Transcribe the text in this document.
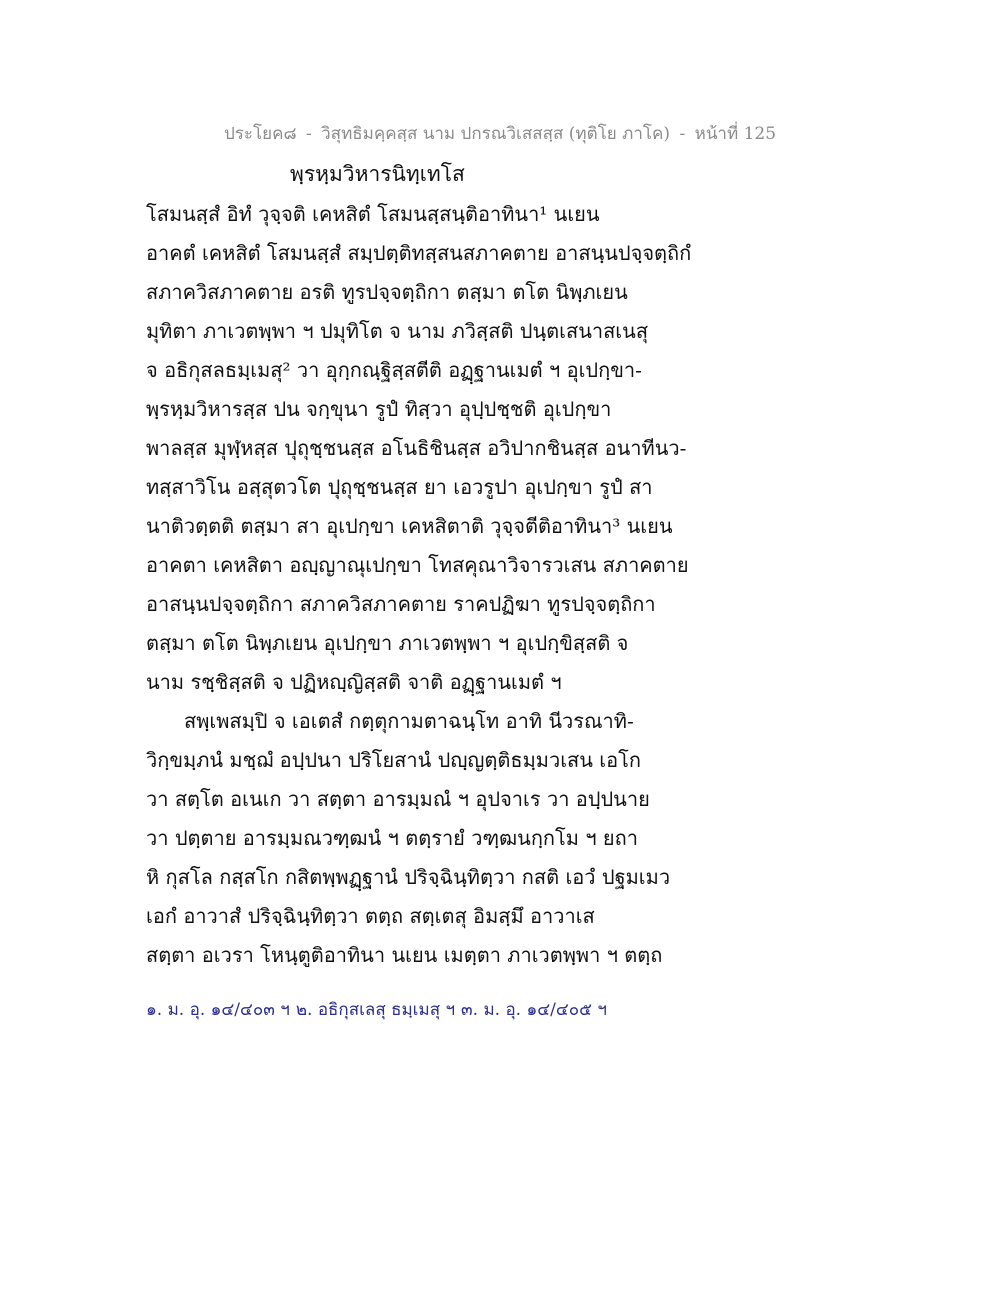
ประโยค๘ - วิสุทธิมคฺคสฺส นาม ปกรณวิเสสสฺส (ทุติโย ภาโค) - หน้าที่ 125
พฺรหฺมวิหารนิทฺเทโส
โสมนสฺสํ อิทํ วุจฺจติ เคหสิตํ โสมนสฺสนฺติอาทินา¹ นเยน
อาคตํ เคหสิตํ โสมนสฺสํ สมฺปตฺติทสฺสนสภาคตาย อาสนฺนปจฺจตฺถิกํ
สภาควิสภาคตาย อรติ ทูรปจฺจตฺถิกา ตสฺมา ตโต นิพฺภเยน
มุทิตา ภาเวตพฺพา ฯ ปมุทิโต จ นาม ภวิสฺสติ ปนฺตเสนาสเนสุ
จ อธิกุสลธมฺเมสุ² วา อุกฺกณฺฐิสฺสตีติ อฏฺฐานเมตํ ฯ อุเปกฺขา-
พฺรหฺมวิหารสฺส ปน จกฺขุนา รูปํ ทิสฺวา อุปฺปชฺชติ อุเปกฺขา
พาลสฺส มุฬฺหสฺส ปุถุชฺชนสฺส อโนธิชินสฺส อวิปากชินสฺส อนาทีนว-
ทสฺสาวิโน อสฺสุตวโต ปุถุชฺชนสฺส ยา เอวรูปา อุเปกฺขา รูปํ สา
นาติวตฺตติ ตสฺมา สา อุเปกฺขา เคหสิตาติ วุจฺจตีติอาทินา³ นเยน
อาคตา เคหสิตา อญฺญาณุเปกฺขา โทสคุณาวิจารวเสน สภาคตาย
อาสนฺนปจฺจตฺถิกา สภาควิสภาคตาย ราคปฏิฆา ทูรปจฺจตฺถิกา
ตสฺมา ตโต นิพฺภเยน อุเปกฺขา ภาเวตพฺพา ฯ อุเปกฺขิสฺสติ จ
นาม รชฺชิสฺสติ จ ปฏิหญฺญิสฺสติ จาติ อฏฺฐานเมตํ ฯ
สพฺเพสมฺปิ จ เอเตสํ กตฺตุกามตาฉนฺโท อาทิ นีวรณาทิ-
วิกฺขมฺภนํ มชฺฌํ อปฺปนา ปริโยสานํ ปญฺญตฺติธมฺมวเสน เอโก
วา สตฺโต อเนเก วา สตฺตา อารมฺมณํ ฯ อุปจาเร วา อปฺปนาย
วา ปตฺตาย อารมฺมณวฑฺฒนํ ฯ ตตฺรายํ วฑฺฒนกฺกโม ฯ ยถา
หิ กุสโล กสฺสโก กสิตพฺพฏฺฐานํ ปริจฺฉินฺทิตฺวา กสติ เอวํ ปฐมเมว
เอกํ อาวาสํ ปริจฺฉินฺทิตฺวา ตตฺถ สตฺเตสุ อิมสฺมึ อาวาเส
สตฺตา อเวรา โหนฺตูติอาทินา นเยน เมตฺตา ภาเวตพฺพา ฯ ตตฺถ
๑. ม. อุ. ๑๔/๔๐๓ ฯ ๒. อธิกุสเลสุ ธมฺเมสุ ฯ ๓. ม. อุ. ๑๔/๔๐๕ ฯ
